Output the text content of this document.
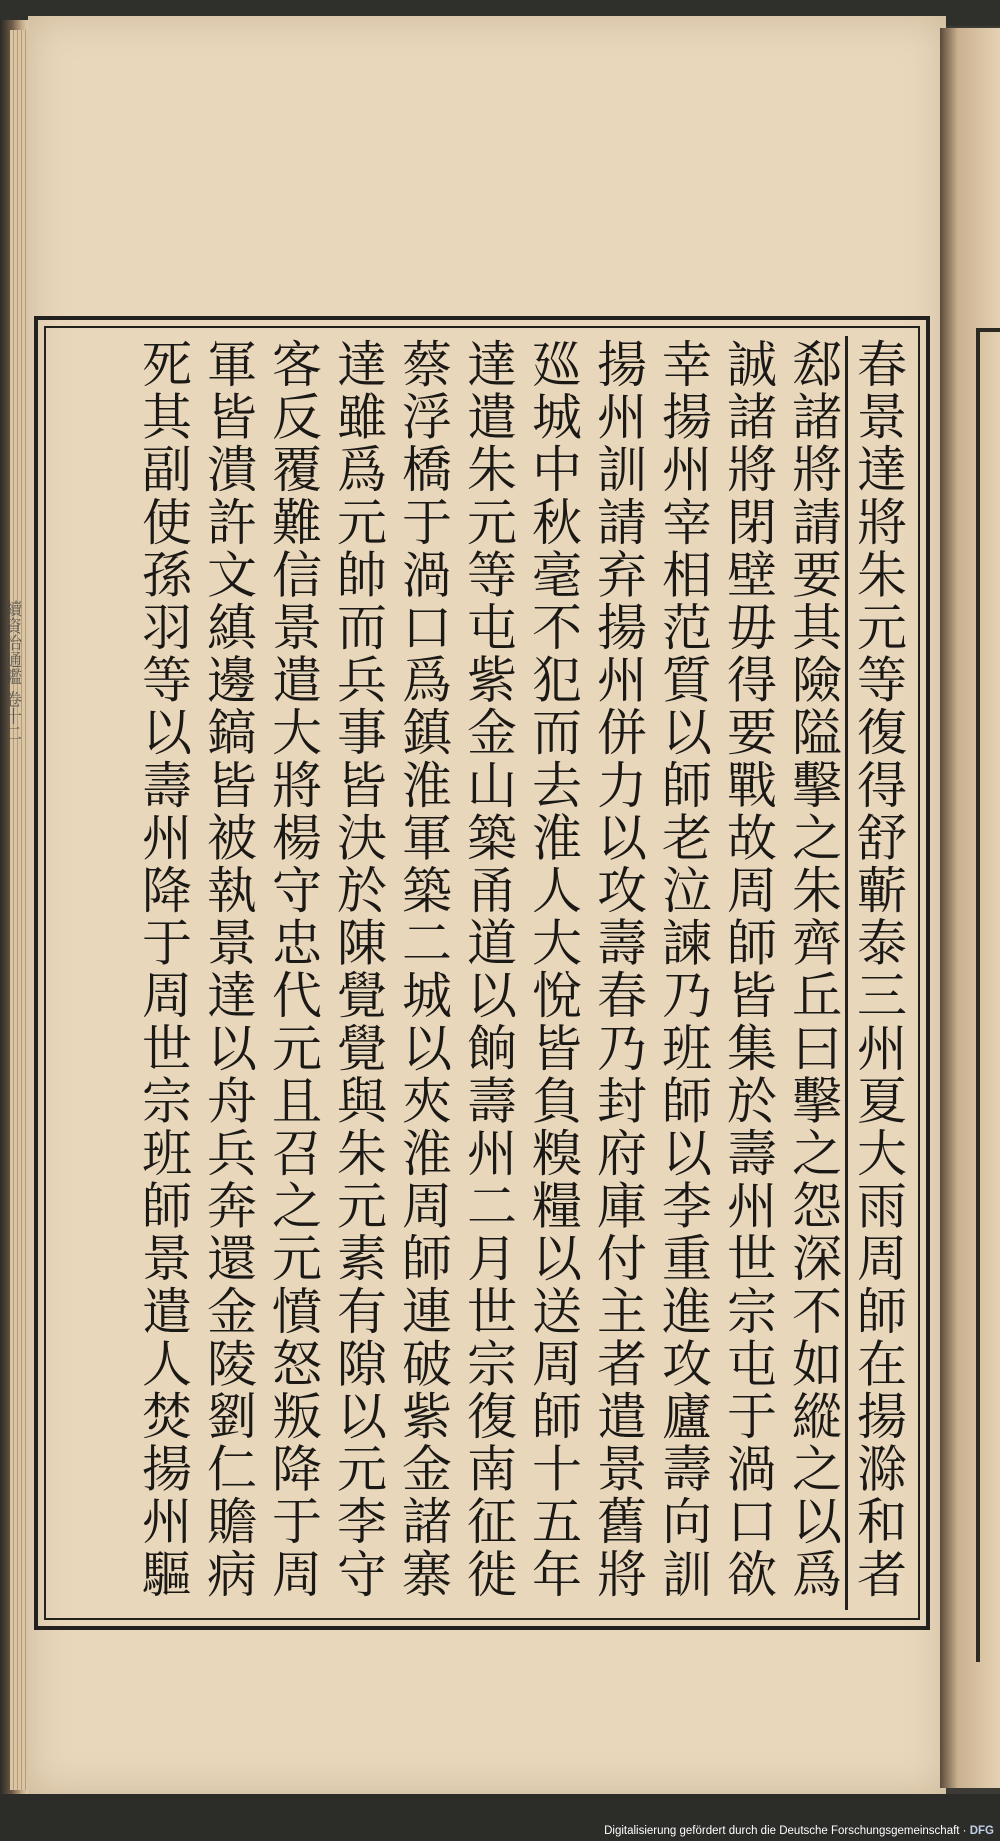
春景達將朱元等復得舒蘄泰三州夏大雨周師在揚滁和者
郄諸將請要其險隘擊之朱齊丘曰擊之怨深不如縱之以爲
誠諸將閉壁毋得要戰故周師皆集於壽州世宗屯于渦口欲
幸揚州宰相范質以師老泣諫乃班師以李重進攻廬壽向訓
揚州訓請弃揚州併力以攻壽春乃封府庫付主者遣景舊將
廵城中秋毫不犯而去淮人大悅皆負糗糧以送周師十五年
達遣朱元等屯紫金山築甬道以餉壽州二月世宗復南征徙
蔡浮橋于渦口爲鎮淮軍築二城以夾淮周師連破紫金諸寨
達雖爲元帥而兵事皆決於陳覺覺與朱元素有隙以元李守
客反覆難信景遣大將楊守忠代元且召之元憤怒叛降于周
軍皆潰許文縝邊鎬皆被執景達以舟兵奔還金陵劉仁贍病
死其副使孫羽等以壽州降于周世宗班師景遣人焚揚州驅
續資治通鑑 卷十二
Digitalisierung gefördert durch die Deutsche Forschungsgemeinschaft · DFG
